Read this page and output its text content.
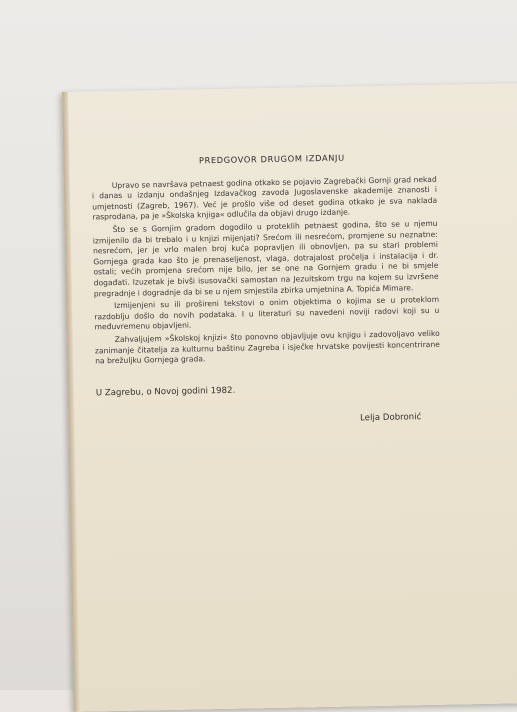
PREDGOVOR DRUGOM IZDANJU

Upravo se navršava petnaest godina otkako se pojavio Zagrebački Gornji grad nekad i danas u izdanju ondašnjeg Izdavačkog zavoda Jugoslavenske akademije znanosti i umjetnosti (Zagreb, 1967). Već je prošlo više od deset godina otkako je sva naklada rasprodana, pa je »Školska knjiga« odlučila da objavi drugo izdanje.

Što se s Gornjim gradom dogodilo u proteklih petnaest godina, što se u njemu izmijenilo da bi trebalo i u knjizi mijenjati? Srećom ili nesrećom, promjene su neznatne: nesrećom, jer je vrlo malen broj kuća popravljen ili obnovljen, pa su stari problemi Gornjega grada kao što je prenaseljenost, vlaga, dotrajalost pročelja i instalacija i dr. ostali; većih promjena srećom nije bilo, jer se one na Gornjem gradu i ne bi smjele događati. Izuzetak je bivši isusovački samostan na Jezuitskom trgu na kojem su izvršene pregradnje i dogradnje da bi se u njem smjestila zbirka umjetnina A. Topića Mimare.

Izmijenjeni su ili prošireni tekstovi o onim objektima o kojima se u proteklom razdoblju došlo do novih podataka. I u literaturi su navedeni noviji radovi koji su u međuvremenu objavljeni.

Zahvaljujem »Školskoj knjizi« što ponovno objavljuje ovu knjigu i zadovoljavo veliko zanimanje čitatelja za kulturnu baštinu Zagreba i isječke hrvatske povijesti koncentrirane na brežuljku Gornjega grada.

U Zagrebu, o Novoj godini 1982.
Lelja Dobronić
